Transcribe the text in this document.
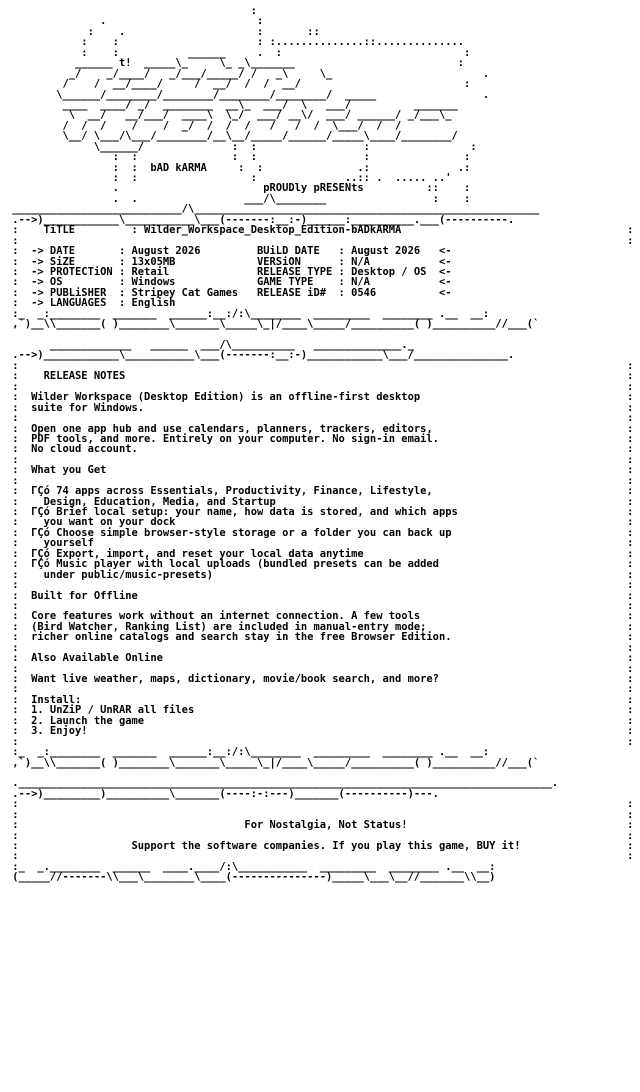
:
.                        :
:    .                     :       ::
:    :                      : :..............::..............
:    :           ______     .  :                             :
______ t!  _____\_     \_ _\_______                          :
_/    _/____/   _/___/_____/ /   _\     \_                        .
/    /  __/____/     /  __/  /  /  __/                          :
\______/________/________/________/________/  _____                 .
____  ____/ _/  ________  __\_  ___/  \   ___/          _______
\  __/   __/___/  ____\  \_/  ___/ __\/  ___/ ______/ _/___\_
/  /  /    /    /  _/  /  /  /   /   /  /  \___/  /  /
\__/ \___/\___/________/__\__/_____/______/_____\____/________/
\______/              :  :                 :                :
:  :               :  :                 :               :
:  :  bAD kARMA     :  :               .:              .:
:  :                  :              ..:: .  ..... ..'
.                       pROUDly pRESENts          ::    :
.  .                 ___/\________                 :    :
___________________________/\_______________________________________________________
.-->)____________\___________\___(-------:__:-)______:__________.___(----------.
:    TiTLE         : Wilder_Workspace_Desktop_Edition-bADkARMA                                    :
:                                                                                                 :
:  -> DATE       : August 2026         BUiLD DATE   : August 2026   <-
:  -> SiZE       : 13x05MB             VERSiON      : N/A           <-
:  -> PROTECTiON : Retail              RELEASE TYPE : Desktop / OS  <-
:  -> OS         : Windows             GAME TYPE    : N/A           <-
:  -> PUBLiSHER  : Stripey Cat Games   RELEASE iD#  : 0546          <-
:  -> LANGUAGES  : English
:_  _:________  _______  ______:__:/:\________  _________  ________ .__  __:
,`)__\\_______( )________\_______\_____\_|/____\_____/__________( )__________//___(`

_____________   ______  ___/\__________   ______________._
.-->)____________\___________\___(-------:__:-)____________\___/_______________.
:                                                                                                 :
:    RELEASE NOTES                                                                                :
:                                                                                                 :
:  Wilder Workspace (Desktop Edition) is an offline-first desktop                                 :
:  suite for Windows.                                                                             :
:                                                                                                 :
:  Open one app hub and use calendars, planners, trackers, editors,                               :
:  PDF tools, and more. Entirely on your computer. No sign-in email.                              :
:  No cloud account.                                                                              :
:                                                                                                 :
:  What you Get                                                                                   :
:                                                                                                 :
:  ΓÇó 74 apps across Essentials, Productivity, Finance, Lifestyle,                               :
:    Design, Education, Media, and Startup                                                        :
:  ΓÇó Brief local setup: your name, how data is stored, and which apps                           :
:    you want on your dock                                                                        :
:  ΓÇó Choose simple browser-style storage or a folder you can back up                            :
:    yourself                                                                                     :
:  ΓÇó Export, import, and reset your local data anytime                                          :
:  ΓÇó Music player with local uploads (bundled presets can be added                              :
:    under public/music-presets)                                                                  :
:                                                                                                 :
:  Built for Offline                                                                              :
:                                                                                                 :
:  Core features work without an internet connection. A few tools                                 :
:  (Bird Watcher, Ranking List) are included in manual-entry mode;                                :
:  richer online catalogs and search stay in the free Browser Edition.                            :
:                                                                                                 :
:  Also Available Online                                                                          :
:                                                                                                 :
:  Want live weather, maps, dictionary, movie/book search, and more?                              :
:                                                                                                 :
:  Install:                                                                                       :
:  1. UnZiP / UnRAR all files                                                                     :
:  2. Launch the game                                                                             :
:  3. Enjoy!                                                                                      :
:                                                                                                 :
:_  _:________  _______  ______:__:/:\________  _________  ________ .__  __:
,`)__\\_______( )________\_______\_____\_|/____\_____/__________( )__________//___(`

._____________________________________________________________________________________.
.-->)_________)__________\_______(----:-:---)_______(----------)---.
:                                                                                                 :
:                                                                                                 :
:                                    For Nostalgia, Not Status!                                   :
:                                                                                                 :
:                  Support the software companies. If you play this game, BUY it!                 :
:                                                                                                 :
:_  _.________  ______  ____.____/:\___________  _________  ________ .__  __:
(_____//-------\\___\________\____(---------------)_____\___\__//_______\\__)
